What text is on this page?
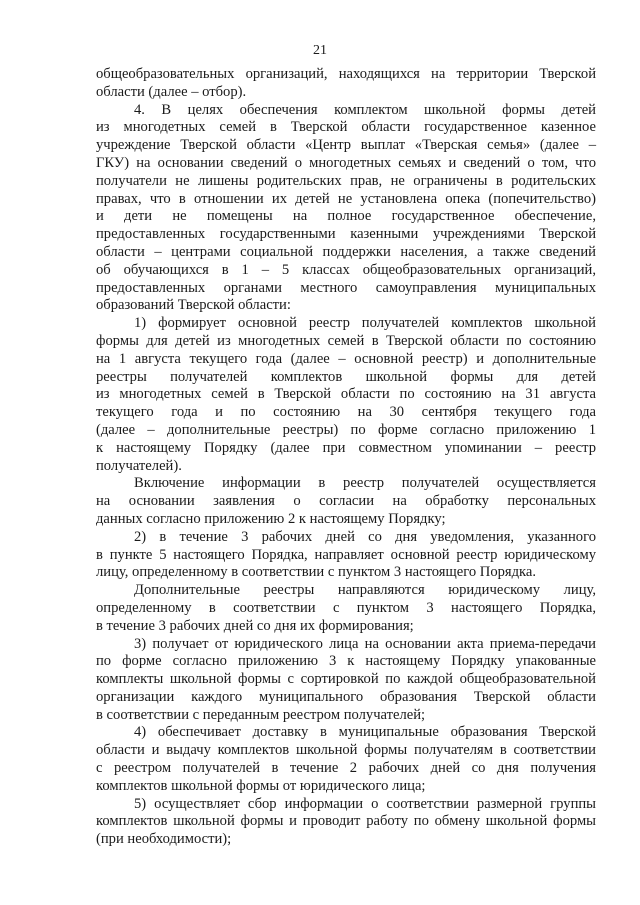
21
общеобразовательных организаций, находящихся на территории Тверской
области (далее – отбор).
4. В целях обеспечения комплектом школьной формы детей
из многодетных семей в Тверской области государственное казенное
учреждение Тверской области «Центр выплат «Тверская семья» (далее –
ГКУ) на основании сведений о многодетных семьях и сведений о том, что
получатели не лишены родительских прав, не ограничены в родительских
правах, что в отношении их детей не установлена опека (попечительство)
и дети не помещены на полное государственное обеспечение,
предоставленных государственными казенными учреждениями Тверской
области – центрами социальной поддержки населения, а также сведений
об обучающихся в 1 – 5 классах общеобразовательных организаций,
предоставленных органами местного самоуправления муниципальных
образований Тверской области:
1) формирует основной реестр получателей комплектов школьной
формы для детей из многодетных семей в Тверской области по состоянию
на 1 августа текущего года (далее – основной реестр) и дополнительные
реестры получателей комплектов школьной формы для детей
из многодетных семей в Тверской области по состоянию на 31 августа
текущего года и по состоянию на 30 сентября текущего года
(далее – дополнительные реестры) по форме согласно приложению 1
к настоящему Порядку (далее при совместном упоминании – реестр
получателей).
Включение информации в реестр получателей осуществляется
на основании заявления о согласии на обработку персональных
данных согласно приложению 2 к настоящему Порядку;
2) в течение 3 рабочих дней со дня уведомления, указанного
в пункте 5 настоящего Порядка, направляет основной реестр юридическому
лицу, определенному в соответствии с пунктом 3 настоящего Порядка.
Дополнительные реестры направляются юридическому лицу,
определенному в соответствии с пунктом 3 настоящего Порядка,
в течение 3 рабочих дней со дня их формирования;
3) получает от юридического лица на основании акта приема-передачи
по форме согласно приложению 3 к настоящему Порядку упакованные
комплекты школьной формы с сортировкой по каждой общеобразовательной
организации каждого муниципального образования Тверской области
в соответствии с переданным реестром получателей;
4) обеспечивает доставку в муниципальные образования Тверской
области и выдачу комплектов школьной формы получателям в соответствии
с реестром получателей в течение 2 рабочих дней со дня получения
комплектов школьной формы от юридического лица;
5) осуществляет сбор информации о соответствии размерной группы
комплектов школьной формы и проводит работу по обмену школьной формы
(при необходимости);
